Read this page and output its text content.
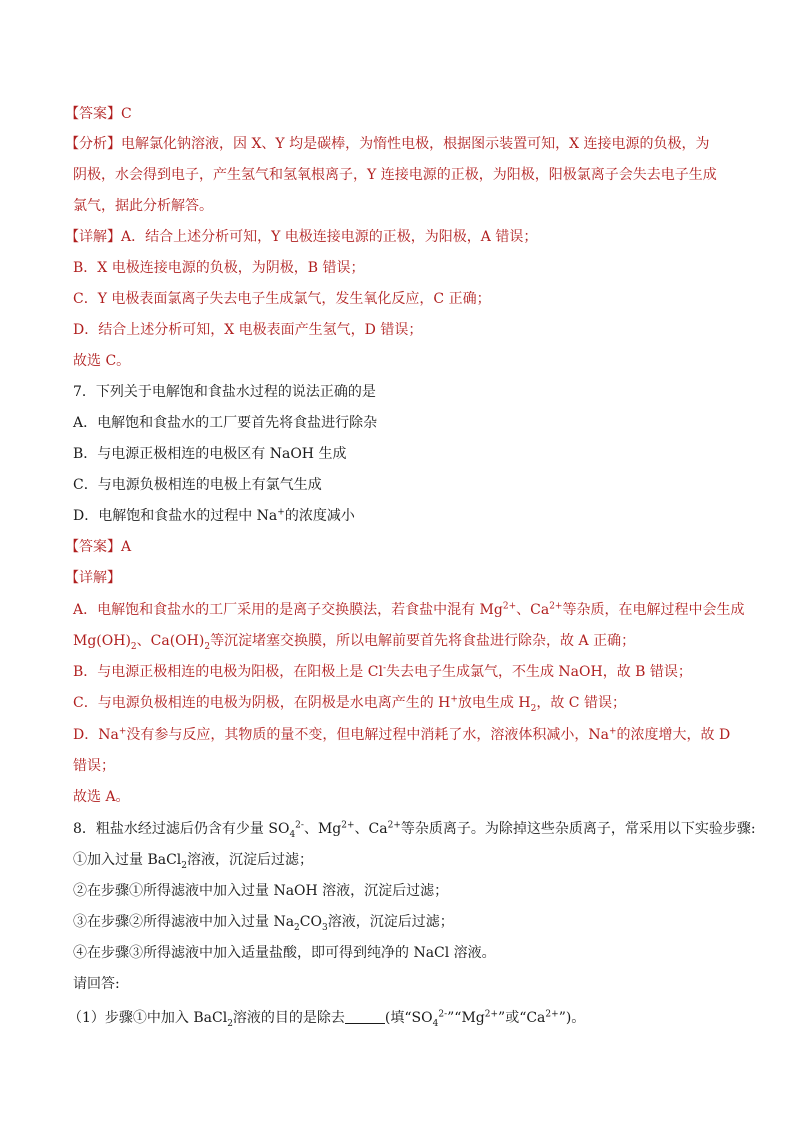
【答案】C
【分析】电解氯化钠溶液，因 X、Y 均是碳棒，为惰性电极，根据图示装置可知，X 连接电源的负极，为
阴极，水会得到电子，产生氢气和氢氧根离子，Y 连接电源的正极，为阳极，阳极氯离子会失去电子生成
氯气，据此分析解答。
【详解】A．结合上述分析可知，Y 电极连接电源的正极，为阳极，A 错误；
B．X 电极连接电源的负极，为阴极，B 错误；
C．Y 电极表面氯离子失去电子生成氯气，发生氧化反应，C 正确；
D．结合上述分析可知，X 电极表面产生氢气，D 错误；
故选 C。
7．下列关于电解饱和食盐水过程的说法正确的是
A．电解饱和食盐水的工厂要首先将食盐进行除杂
B．与电源正极相连的电极区有 NaOH 生成
C．与电源负极相连的电极上有氯气生成
D．电解饱和食盐水的过程中 Na+的浓度减小
【答案】A
【详解】
A．电解饱和食盐水的工厂采用的是离子交换膜法，若食盐中混有 $Mg^{2+}$、$Ca^{2+}$等杂质，在电解过程中会生成
$Mg(OH)_2$、$Ca(OH)_2$等沉淀堵塞交换膜，所以电解前要首先将食盐进行除杂，故 A 正确；
B．与电源正极相连的电极为阳极，在阳极上是 Cl-失去电子生成氯气，不生成 NaOH，故 B 错误；
C．与电源负极相连的电极为阴极，在阴极是水电离产生的 H+放电生成 $H_2$，故 C 错误；
D．Na+没有参与反应，其物质的量不变，但电解过程中消耗了水，溶液体积减小，Na+的浓度增大，故 D
错误；
故选 A。
8．粗盐水经过滤后仍含有少量 $SO_4^{2-}$、$Mg^{2+}$、$Ca^{2+}$等杂质离子。为除掉这些杂质离子，常采用以下实验步骤:
①加入过量 BaCl$_2$溶液，沉淀后过滤；
②在步骤①所得滤液中加入过量 NaOH 溶液，沉淀后过滤；
③在步骤②所得滤液中加入过量 $Na_2CO_3$溶液，沉淀后过滤；
④在步骤③所得滤液中加入适量盐酸，即可得到纯净的 NaCl 溶液。
请回答:
（1）步骤①中加入 BaCl$_2$溶液的目的是除去	(填“$SO_4^{2-}”“Mg^{2+}$”或“$Ca^{2+}$”)。
